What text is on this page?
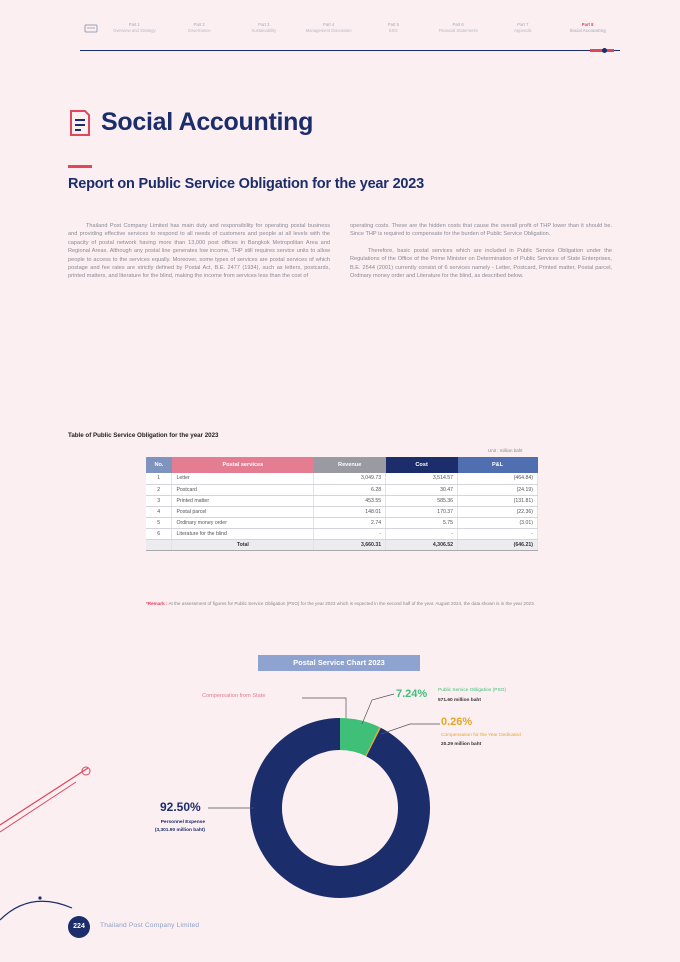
Part 1
Overview and Strategy
Part 2
Governance
Part 3
Sustainability
Part 4
Management Discussion
Part 5
ESG
Part 6
Financial Statements
Part 7
Appendix
Part 8
Social Accounting
Social Accounting
Report on Public Service Obligation for the year 2023

Thailand Post Company Limited has main duty and responsibility for operating postal business and providing effective services to respond to all needs of customers and people at all levels with the capacity of postal network having more than 13,000 post offices in Bangkok Metropolitan Area and Regional Areas. Although any postal line generates low income, THP still requires service units to allow people to access to the services equally. Moreover, some types of services are postal services of which postage and fee rates are strictly defined by Postal Act, B.E. 2477 (1934), such as letters, postcards, printed matters, and literature for the blind, making the income from services less than the cost of

operating costs. These are the hidden costs that cause the overall profit of THP lower than it should be. Since THP is required to compensate for the burden of Public Service Obligation.

Therefore, basic postal services which are included in Public Service Obligation under the Regulations of the Office of the Prime Minister on Determination of Public Services of State Enterprises, B.E. 2544 (2001) currently consist of 6 services namely - Letter, Postcard, Printed matter, Postal parcel, Ordinary money order and Literature for the blind, as described below.

Table of Public Service Obligation for the year 2023
Unit : million baht
No.	Postal services	Revenue	Cost	P&L
1	Letter	3,049.73	3,514.57	(464.84)
2	Postcard	6.28	30.47	(24.19)
3	Printed matter	453.55	585.36	(131.81)
4	Postal parcel	148.01	170.37	(22.36)
5	Ordinary money order	2.74	5.75	(3.01)
6	Literature for the blind	-	-	-
	Total	3,660.31	4,306.52	(646.21)
*Remark : At the assessment of figures for Public Service Obligation (PSO) for the year 2023 which is expected in the second half of the year. August 2024, the data shown is in the year 2023.
Postal Service Chart 2023
Compensation from State	7.24% Public Service Obligation (PSO)
571.60 million baht
0.26%
Compensation for the Year Dedicated
20.29 million baht
92.50%
Personnel Expense
(3,301.90 million baht)
224	Thailand Post Company Limited
